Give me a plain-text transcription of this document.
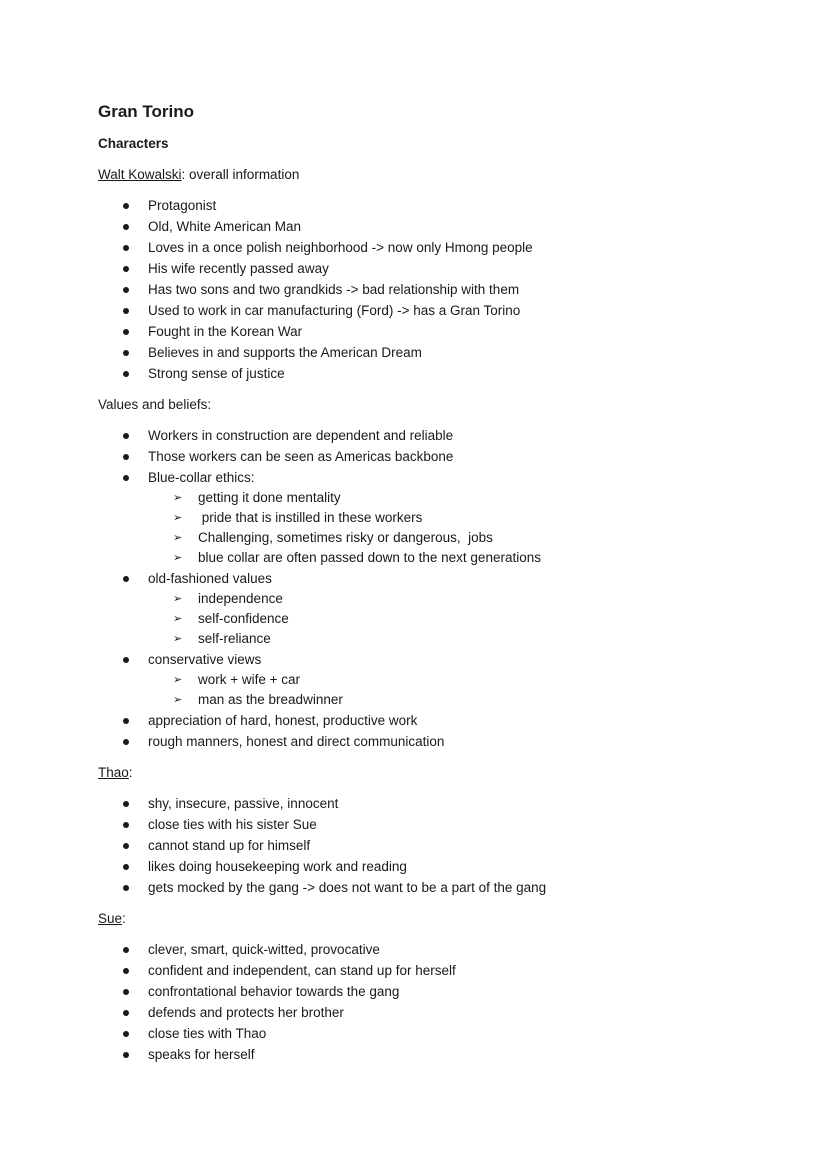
Gran Torino
Characters

Walt Kowalski: overall information

Protagonist
Old, White American Man
Loves in a once polish neighborhood -> now only Hmong people
His wife recently passed away
Has two sons and two grandkids -> bad relationship with them
Used to work in car manufacturing (Ford) -> has a Gran Torino
Fought in the Korean War
Believes in and supports the American Dream
Strong sense of justice

Values and beliefs:

Workers in construction are dependent and reliable
Those workers can be seen as Americas backbone
Blue-collar ethics:
➢ getting it done mentality
➢ pride that is instilled in these workers
➢ Challenging, sometimes risky or dangerous,  jobs
➢ blue collar are often passed down to the next generations
old-fashioned values
➢ independence
➢ self-confidence
➢ self-reliance
conservative views
➢ work + wife + car
➢ man as the breadwinner
appreciation of hard, honest, productive work
rough manners, honest and direct communication

Thao:

shy, insecure, passive, innocent
close ties with his sister Sue
cannot stand up for himself
likes doing housekeeping work and reading
gets mocked by the gang -> does not want to be a part of the gang

Sue:

clever, smart, quick-witted, provocative
confident and independent, can stand up for herself
confrontational behavior towards the gang
defends and protects her brother
close ties with Thao
speaks for herself
